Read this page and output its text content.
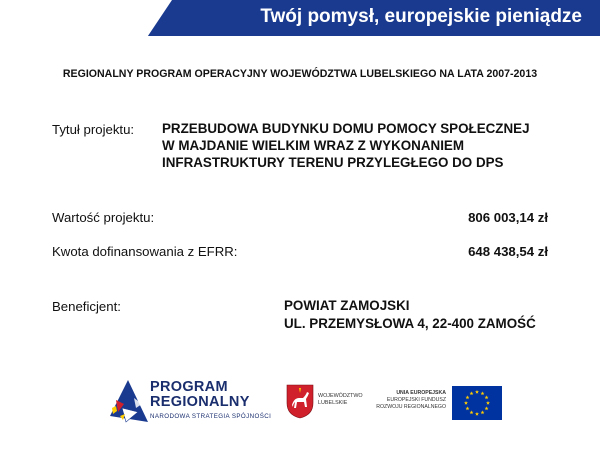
Twój pomysł, europejskie pieniądze
REGIONALNY PROGRAM OPERACYJNY WOJEWÓDZTWA LUBELSKIEGO NA LATA 2007-2013
Tytuł projektu: PRZEBUDOWA BUDYNKU DOMU POMOCY SPOŁECZNEJ
W MAJDANIE WIELKIM WRAZ Z WYKONANIEM
INFRASTRUKTURY TERENU PRZYLEGŁEGO DO DPS
Wartość projektu:	806 003,14 zł
Kwota dofinansowania z EFRR:	648 438,54 zł
Beneficjent:	POWIAT ZAMOJSKI
UL. PRZEMYSŁOWA 4, 22-400 ZAMOŚĆ
PROGRAM
REGIONALNY
NARODOWA STRATEGIA SPÓJNOŚCI
WOJEWÓDZTWO
LUBELSKIE
UNIA EUROPEJSKA
EUROPEJSKI FUNDUSZ
ROZWOJU REGIONALNEGO
